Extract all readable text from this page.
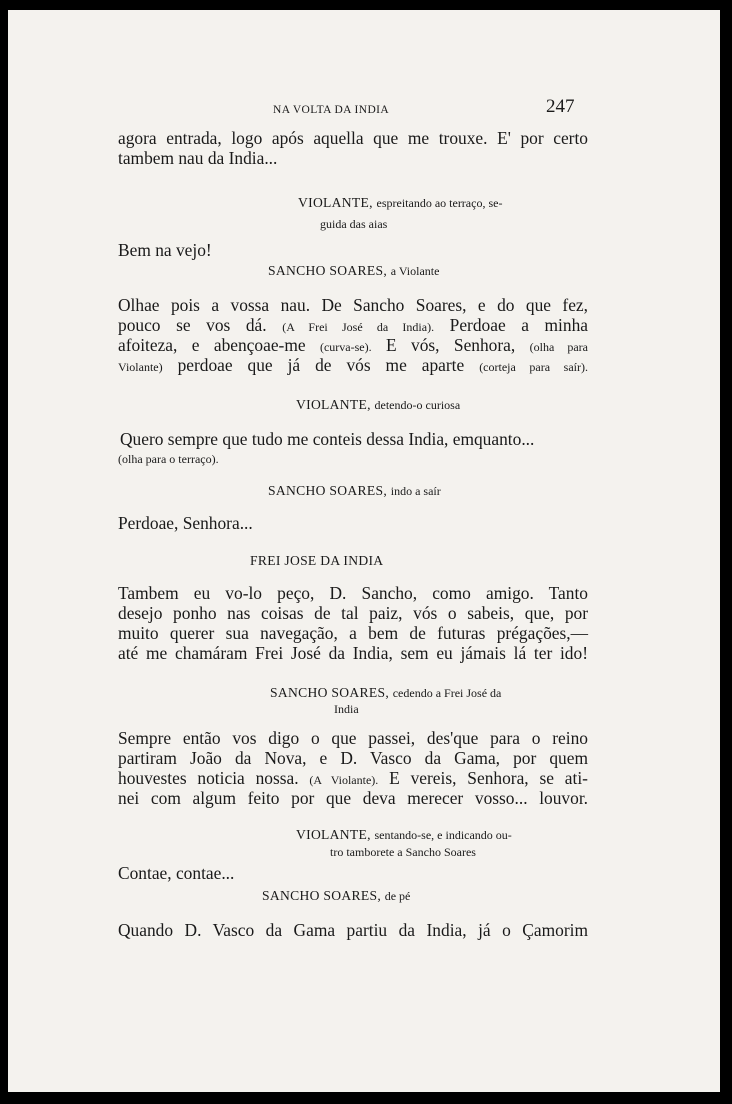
NA VOLTA DA INDIA	247
agora entrada, logo após aquella que me trouxe. E' por certo
tambem nau da India...
VIOLANTE, espreitando ao terraço, se-
guida das aias
Bem na vejo!
SANCHO SOARES, a Violante
Olhae pois a vossa nau. De Sancho Soares, e do que fez,
pouco se vos dá. (A Frei José da India). Perdoae a minha
afoiteza, e abençoae-me (curva-se). E vós, Senhora, (olha para
Violante) perdoae que já de vós me aparte (corteja para saír).
VIOLANTE, detendo-o curiosa
Quero sempre que tudo me conteis dessa India, emquanto...
(olha para o terraço).
SANCHO SOARES, indo a saír
Perdoae, Senhora...
FREI JOSE DA INDIA
Tambem eu vo-lo peço, D. Sancho, como amigo. Tanto
desejo ponho nas coisas de tal paiz, vós o sabeis, que, por
muito querer sua navegação, a bem de futuras prégações,—
até me chamáram Frei José da India, sem eu jámais lá ter ido!
SANCHO SOARES, cedendo a Frei José da
India
Sempre então vos digo o que passei, des'que para o reino
partiram João da Nova, e D. Vasco da Gama, por quem
houvestes noticia nossa. (A Violante). E vereis, Senhora, se ati-
nei com algum feito por que deva merecer vosso... louvor.
VIOLANTE, sentando-se, e indicando ou-
tro tamborete a Sancho Soares
Contae, contae...
SANCHO SOARES, de pé
Quando D. Vasco da Gama partiu da India, já o Çamorim
